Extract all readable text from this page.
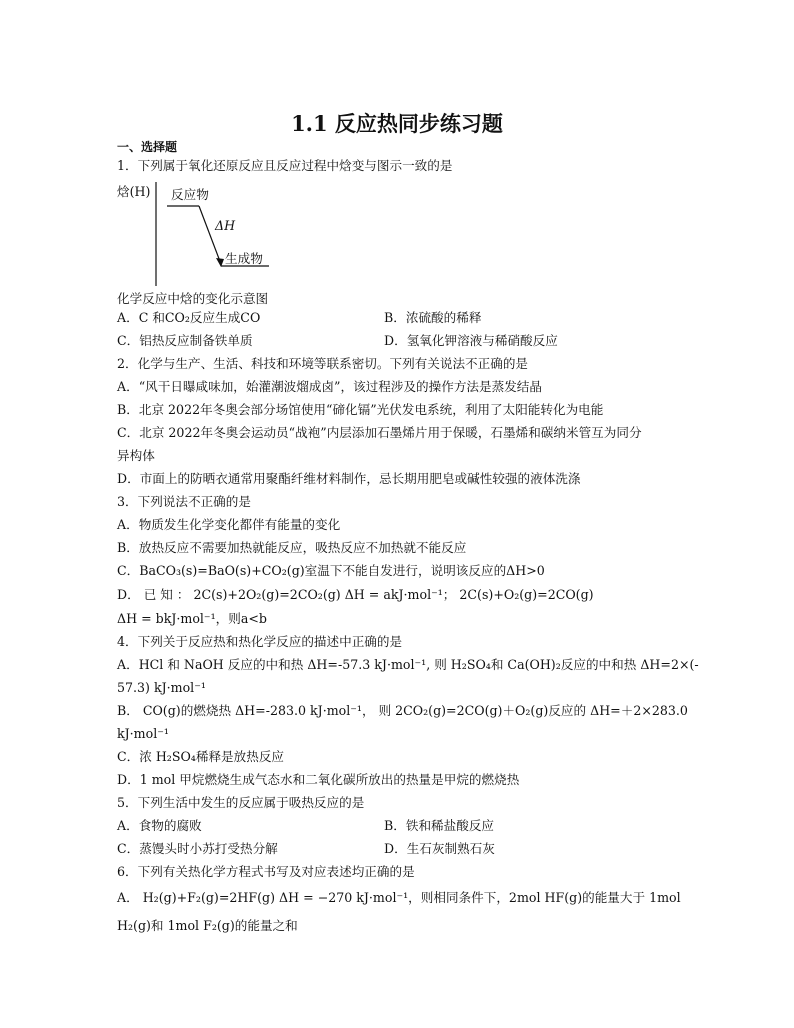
1.1 反应热同步练习题
一、选择题
1．下列属于氧化还原反应且反应过程中焓变与图示一致的是
焓(H) 反应物
ΔH
生成物
化学反应中焓的变化示意图
A．C 和CO₂反应生成CO	B．浓硫酸的稀释
C．铝热反应制备铁单质	D．氢氧化钾溶液与稀硝酸反应
2．化学与生产、生活、科技和环境等联系密切。下列有关说法不正确的是
A．“风干日曝咸味加，始灌潮波熘成卤”，该过程涉及的操作方法是蒸发结晶
B．北京 2022年冬奥会部分场馆使用“碲化镉”光伏发电系统，利用了太阳能转化为电能
C．北京 2022年冬奥会运动员“战袍”内层添加石墨烯片用于保暖，石墨烯和碳纳米管互为同分
异构体
D．市面上的防晒衣通常用聚酯纤维材料制作，忌长期用肥皂或碱性较强的液体洗涤
3．下列说法不正确的是
A．物质发生化学变化都伴有能量的变化
B．放热反应不需要加热就能反应，吸热反应不加热就不能反应
C．BaCO₃(s)=BaO(s)+CO₂(g)室温下不能自发进行，说明该反应的ΔH>0
D． 已 知 ： 2C(s)+2O₂(g)=2CO₂(g) ΔH = akJ·mol⁻¹； 2C(s)+O₂(g)=2CO(g)
ΔH = bkJ·mol⁻¹，则a<b
4．下列关于反应热和热化学反应的描述中正确的是
A．HCl 和 NaOH 反应的中和热 ΔH=-57.3 kJ·mol⁻¹, 则 H₂SO₄和 Ca(OH)₂反应的中和热 ΔH=2×(-
57.3) kJ·mol⁻¹
B． CO(g)的燃烧热 ΔH=-283.0 kJ·mol⁻¹， 则 2CO₂(g)=2CO(g)＋O₂(g)反应的 ΔH=＋2×283.0
kJ·mol⁻¹
C．浓 H₂SO₄稀释是放热反应
D．1 mol 甲烷燃烧生成气态水和二氧化碳所放出的热量是甲烷的燃烧热
5．下列生活中发生的反应属于吸热反应的是
A．食物的腐败	B．铁和稀盐酸反应
C．蒸馒头时小苏打受热分解	D．生石灰制熟石灰
6．下列有关热化学方程式书写及对应表述均正确的是
A． H₂(g)+F₂(g)=2HF(g) ΔH = −270 kJ·mol⁻¹，则相同条件下，2mol HF(g)的能量大于 1mol
H₂(g)和 1mol F₂(g)的能量之和
